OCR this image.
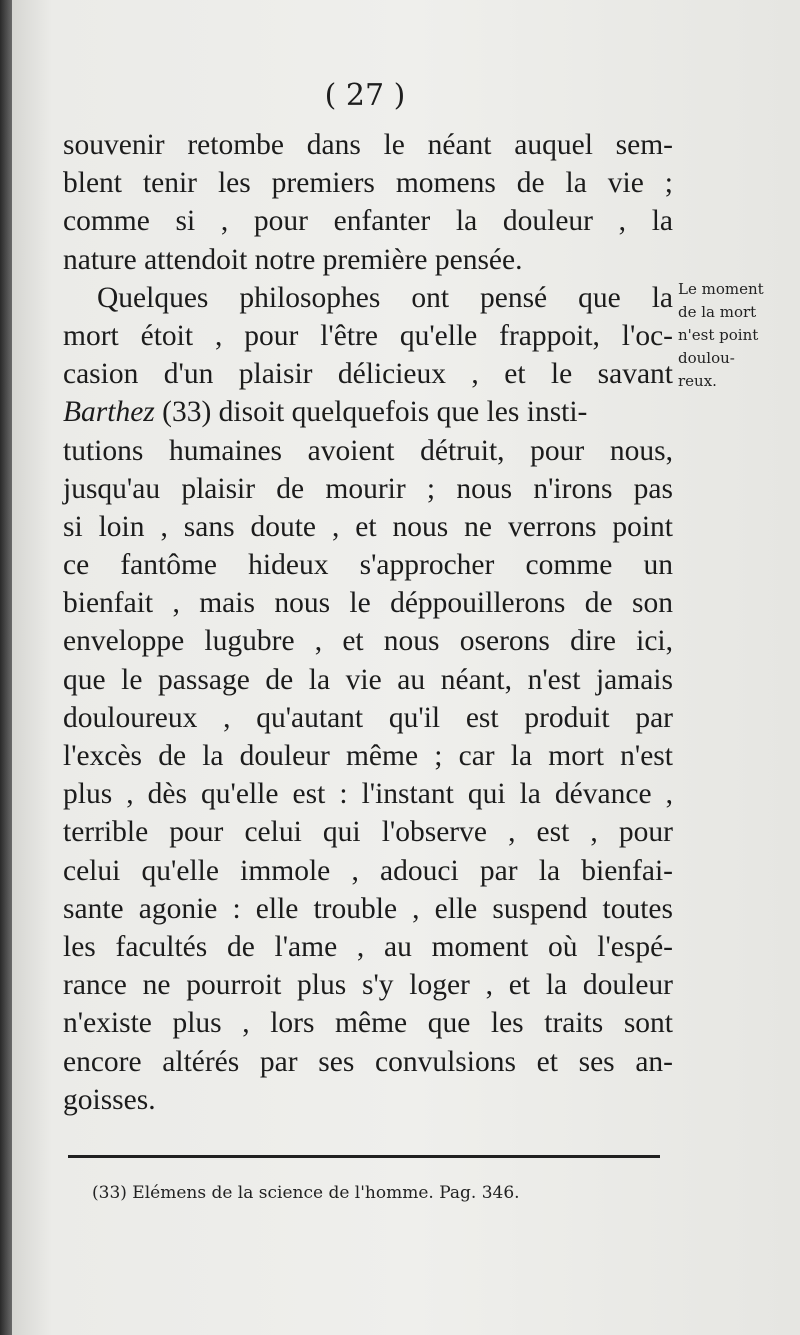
( 27 )
souvenir retombe dans le néant auquel sem-
blent tenir les premiers momens de la vie ;
comme si , pour enfanter la douleur , la
nature attendoit notre première pensée.
Quelques philosophes ont pensé que la
mort étoit , pour l'être qu'elle frappoit, l'oc-
casion d'un plaisir délicieux , et le savant
Barthez (33) disoit quelquefois que les insti-
tutions humaines avoient détruit, pour nous,
jusqu'au plaisir de mourir ; nous n'irons pas
si loin , sans doute , et nous ne verrons point
ce fantôme hideux s'approcher comme un
bienfait , mais nous le déppouillerons de son
enveloppe lugubre , et nous oserons dire ici,
que le passage de la vie au néant, n'est jamais
douloureux , qu'autant qu'il est produit par
l'excès de la douleur même ; car la mort n'est
plus , dès qu'elle est : l'instant qui la dévance ,
terrible pour celui qui l'observe , est , pour
celui qu'elle immole , adouci par la bienfai-
sante agonie : elle trouble , elle suspend toutes
les facultés de l'ame , au moment où l'espé-
rance ne pourroit plus s'y loger , et la douleur
n'existe plus , lors même que les traits sont
encore altérés par ses convulsions et ses an-
goisses.
Le moment
de la mort
n'est point
doulou-
reux.
(33) Elémens de la science de l'homme. Pag. 346.
